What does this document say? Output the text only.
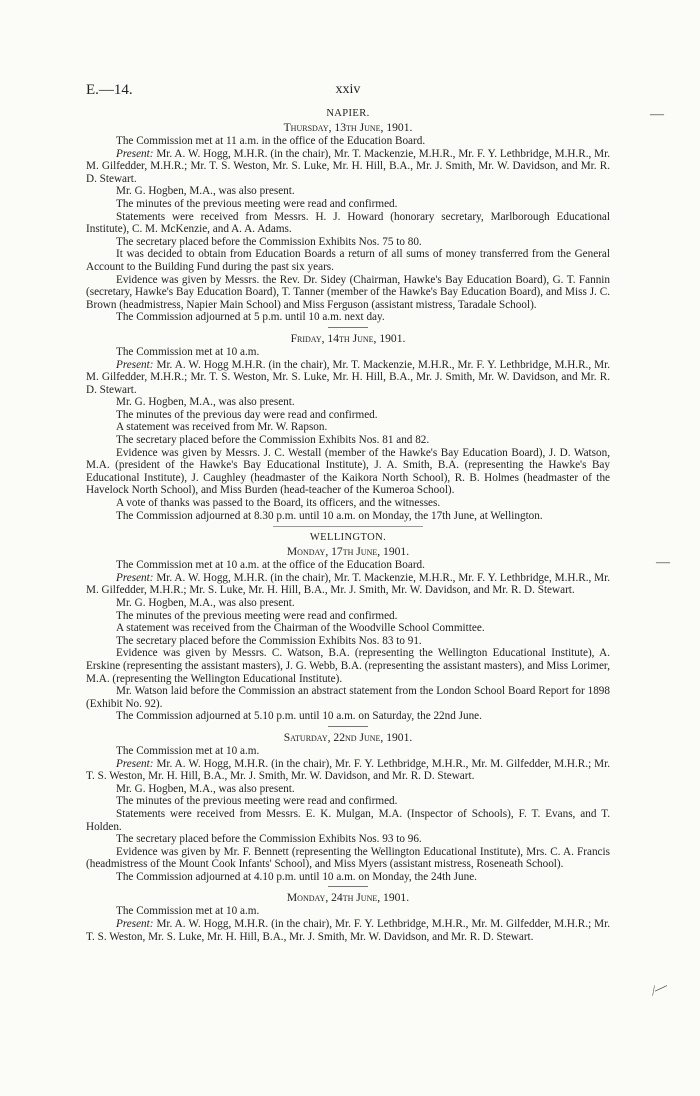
E.—14.	xxiv
—
—
⁄—
NAPIER.
Thursday, 13th June, 1901.

The Commission met at 11 a.m. in the office of the Education Board.

Present: Mr. A. W. Hogg, M.H.R. (in the chair), Mr. T. Mackenzie, M.H.R., Mr. F. Y. Lethbridge, M.H.R., Mr. M. Gilfedder, M.H.R.; Mr. T. S. Weston, Mr. S. Luke, Mr. H. Hill, B.A., Mr. J. Smith, Mr. W. Davidson, and Mr. R. D. Stewart.

Mr. G. Hogben, M.A., was also present.

The minutes of the previous meeting were read and confirmed.

Statements were received from Messrs. H. J. Howard (honorary secretary, Marlborough Educational Institute), C. M. McKenzie, and A. A. Adams.

The secretary placed before the Commission Exhibits Nos. 75 to 80.

It was decided to obtain from Education Boards a return of all sums of money transferred from the General Account to the Building Fund during the past six years.

Evidence was given by Messrs. the Rev. Dr. Sidey (Chairman, Hawke's Bay Education Board), G. T. Fannin (secretary, Hawke's Bay Education Board), T. Tanner (member of the Hawke's Bay Education Board), and Miss J. C. Brown (headmistress, Napier Main School) and Miss Ferguson (assistant mistress, Taradale School).

The Commission adjourned at 5 p.m. until 10 a.m. next day.

Friday, 14th June, 1901.

The Commission met at 10 a.m.

Present: Mr. A. W. Hogg M.H.R. (in the chair), Mr. T. Mackenzie, M.H.R., Mr. F. Y. Lethbridge, M.H.R., Mr. M. Gilfedder, M.H.R.; Mr. T. S. Weston, Mr. S. Luke, Mr. H. Hill, B.A., Mr. J. Smith, Mr. W. Davidson, and Mr. R. D. Stewart.

Mr. G. Hogben, M.A., was also present.

The minutes of the previous day were read and confirmed.

A statement was received from Mr. W. Rapson.

The secretary placed before the Commission Exhibits Nos. 81 and 82.

Evidence was given by Messrs. J. C. Westall (member of the Hawke's Bay Education Board), J. D. Watson, M.A. (president of the Hawke's Bay Educational Institute), J. A. Smith, B.A. (representing the Hawke's Bay Educational Institute), J. Caughley (headmaster of the Kaikora North School), R. B. Holmes (headmaster of the Havelock North School), and Miss Burden (head-teacher of the Kumeroa School).

A vote of thanks was passed to the Board, its officers, and the witnesses.

The Commission adjourned at 8.30 p.m. until 10 a.m. on Monday, the 17th June, at Wellington.

WELLINGTON.
Monday, 17th June, 1901.

The Commission met at 10 a.m. at the office of the Education Board.

Present: Mr. A. W. Hogg, M.H.R. (in the chair), Mr. T. Mackenzie, M.H.R., Mr. F. Y. Lethbridge, M.H.R., Mr. M. Gilfedder, M.H.R.; Mr. S. Luke, Mr. H. Hill, B.A., Mr. J. Smith, Mr. W. Davidson, and Mr. R. D. Stewart.

Mr. G. Hogben, M.A., was also present.

The minutes of the previous meeting were read and confirmed.

A statement was received from the Chairman of the Woodville School Committee.

The secretary placed before the Commission Exhibits Nos. 83 to 91.

Evidence was given by Messrs. C. Watson, B.A. (representing the Wellington Educational Institute), A. Erskine (representing the assistant masters), J. G. Webb, B.A. (representing the assistant masters), and Miss Lorimer, M.A. (representing the Wellington Educational Institute).

Mr. Watson laid before the Commission an abstract statement from the London School Board Report for 1898 (Exhibit No. 92).

The Commission adjourned at 5.10 p.m. until 10 a.m. on Saturday, the 22nd June.

Saturday, 22nd June, 1901.

The Commission met at 10 a.m.

Present: Mr. A. W. Hogg, M.H.R. (in the chair), Mr. F. Y. Lethbridge, M.H.R., Mr. M. Gilfedder, M.H.R.; Mr. T. S. Weston, Mr. H. Hill, B.A., Mr. J. Smith, Mr. W. Davidson, and Mr. R. D. Stewart.

Mr. G. Hogben, M.A., was also present.

The minutes of the previous meeting were read and confirmed.

Statements were received from Messrs. E. K. Mulgan, M.A. (Inspector of Schools), F. T. Evans, and T. Holden.

The secretary placed before the Commission Exhibits Nos. 93 to 96.

Evidence was given by Mr. F. Bennett (representing the Wellington Educational Institute), Mrs. C. A. Francis (headmistress of the Mount Cook Infants' School), and Miss Myers (assistant mistress, Roseneath School).

The Commission adjourned at 4.10 p.m. until 10 a.m. on Monday, the 24th June.

Monday, 24th June, 1901.

The Commission met at 10 a.m.

Present: Mr. A. W. Hogg, M.H.R. (in the chair), Mr. F. Y. Lethbridge, M.H.R., Mr. M. Gilfedder, M.H.R.; Mr. T. S. Weston, Mr. S. Luke, Mr. H. Hill, B.A., Mr. J. Smith, Mr. W. Davidson, and Mr. R. D. Stewart.
